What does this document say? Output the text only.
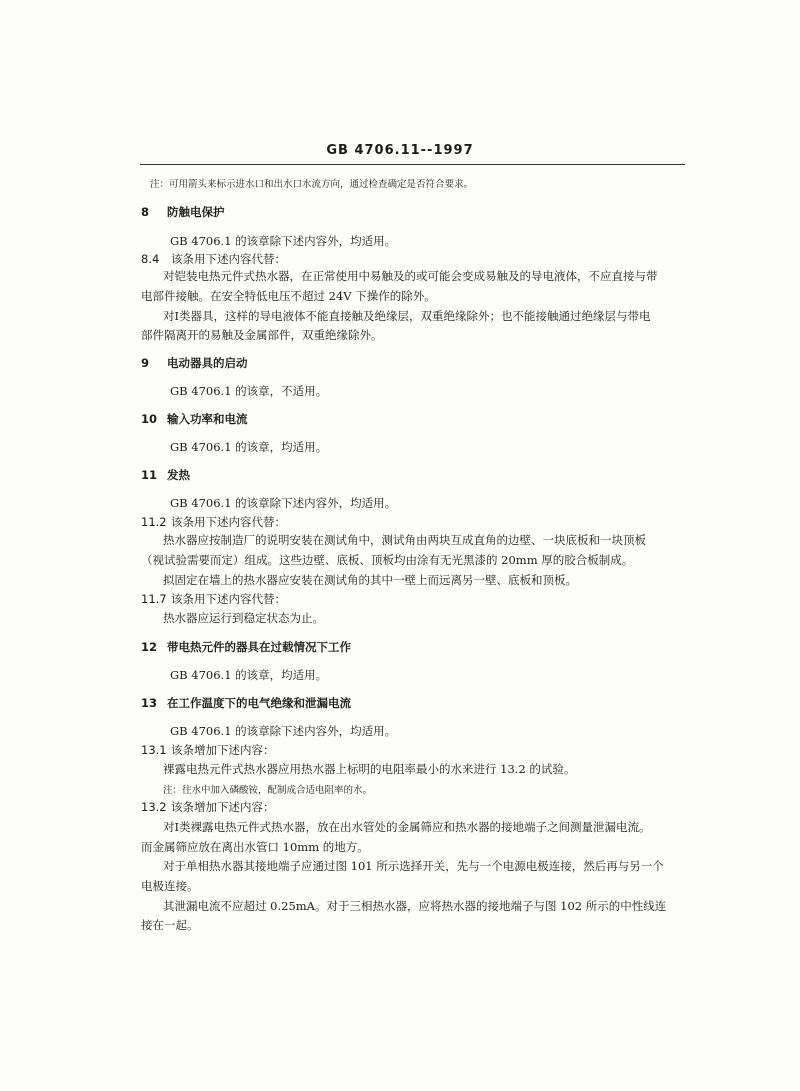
GB 4706.11--1997
注：可用箭头来标示进水口和出水口水流方向，通过检查确定是否符合要求。
8 防触电保护
GB 4706.1 的该章除下述内容外，均适用。
8.4 该条用下述内容代替：
对铠装电热元件式热水器，在正常使用中易触及的或可能会变成易触及的导电液体，不应直接与带
电部件接触。在安全特低电压不超过 24V 下操作的除外。
对Ⅰ类器具，这样的导电液体不能直接触及绝缘层，双重绝缘除外；也不能接触通过绝缘层与带电
部件隔离开的易触及金属部件，双重绝缘除外。
9 电动器具的启动
GB 4706.1 的该章，不适用。
10 输入功率和电流
GB 4706.1 的该章，均适用。
11 发热
GB 4706.1 的该章除下述内容外，均适用。
11.2 该条用下述内容代替：
热水器应按制造厂的说明安装在测试角中，测试角由两块互成直角的边壁、一块底板和一块顶板
（视试验需要而定）组成。这些边壁、底板、顶板均由涂有无光黑漆的 20mm 厚的胶合板制成。
拟固定在墙上的热水器应安装在测试角的其中一壁上而远离另一壁、底板和顶板。
11.7 该条用下述内容代替：
热水器应运行到稳定状态为止。
12 带电热元件的器具在过载情况下工作
GB 4706.1 的该章，均适用。
13 在工作温度下的电气绝缘和泄漏电流
GB 4706.1 的该章除下述内容外，均适用。
13.1 该条增加下述内容：
裸露电热元件式热水器应用热水器上标明的电阻率最小的水来进行 13.2 的试验。
注：往水中加入磷酸铵，配制成合适电阻率的水。
13.2 该条增加下述内容：
对Ⅰ类裸露电热元件式热水器，放在出水管处的金属筛应和热水器的接地端子之间测量泄漏电流。
而金属筛应放在离出水管口 10mm 的地方。
对于单相热水器其接地端子应通过图 101 所示选择开关，先与一个电源电极连接，然后再与另一个
电极连接。
其泄漏电流不应超过 0.25mA。对于三相热水器，应将热水器的接地端子与图 102 所示的中性线连
接在一起。
